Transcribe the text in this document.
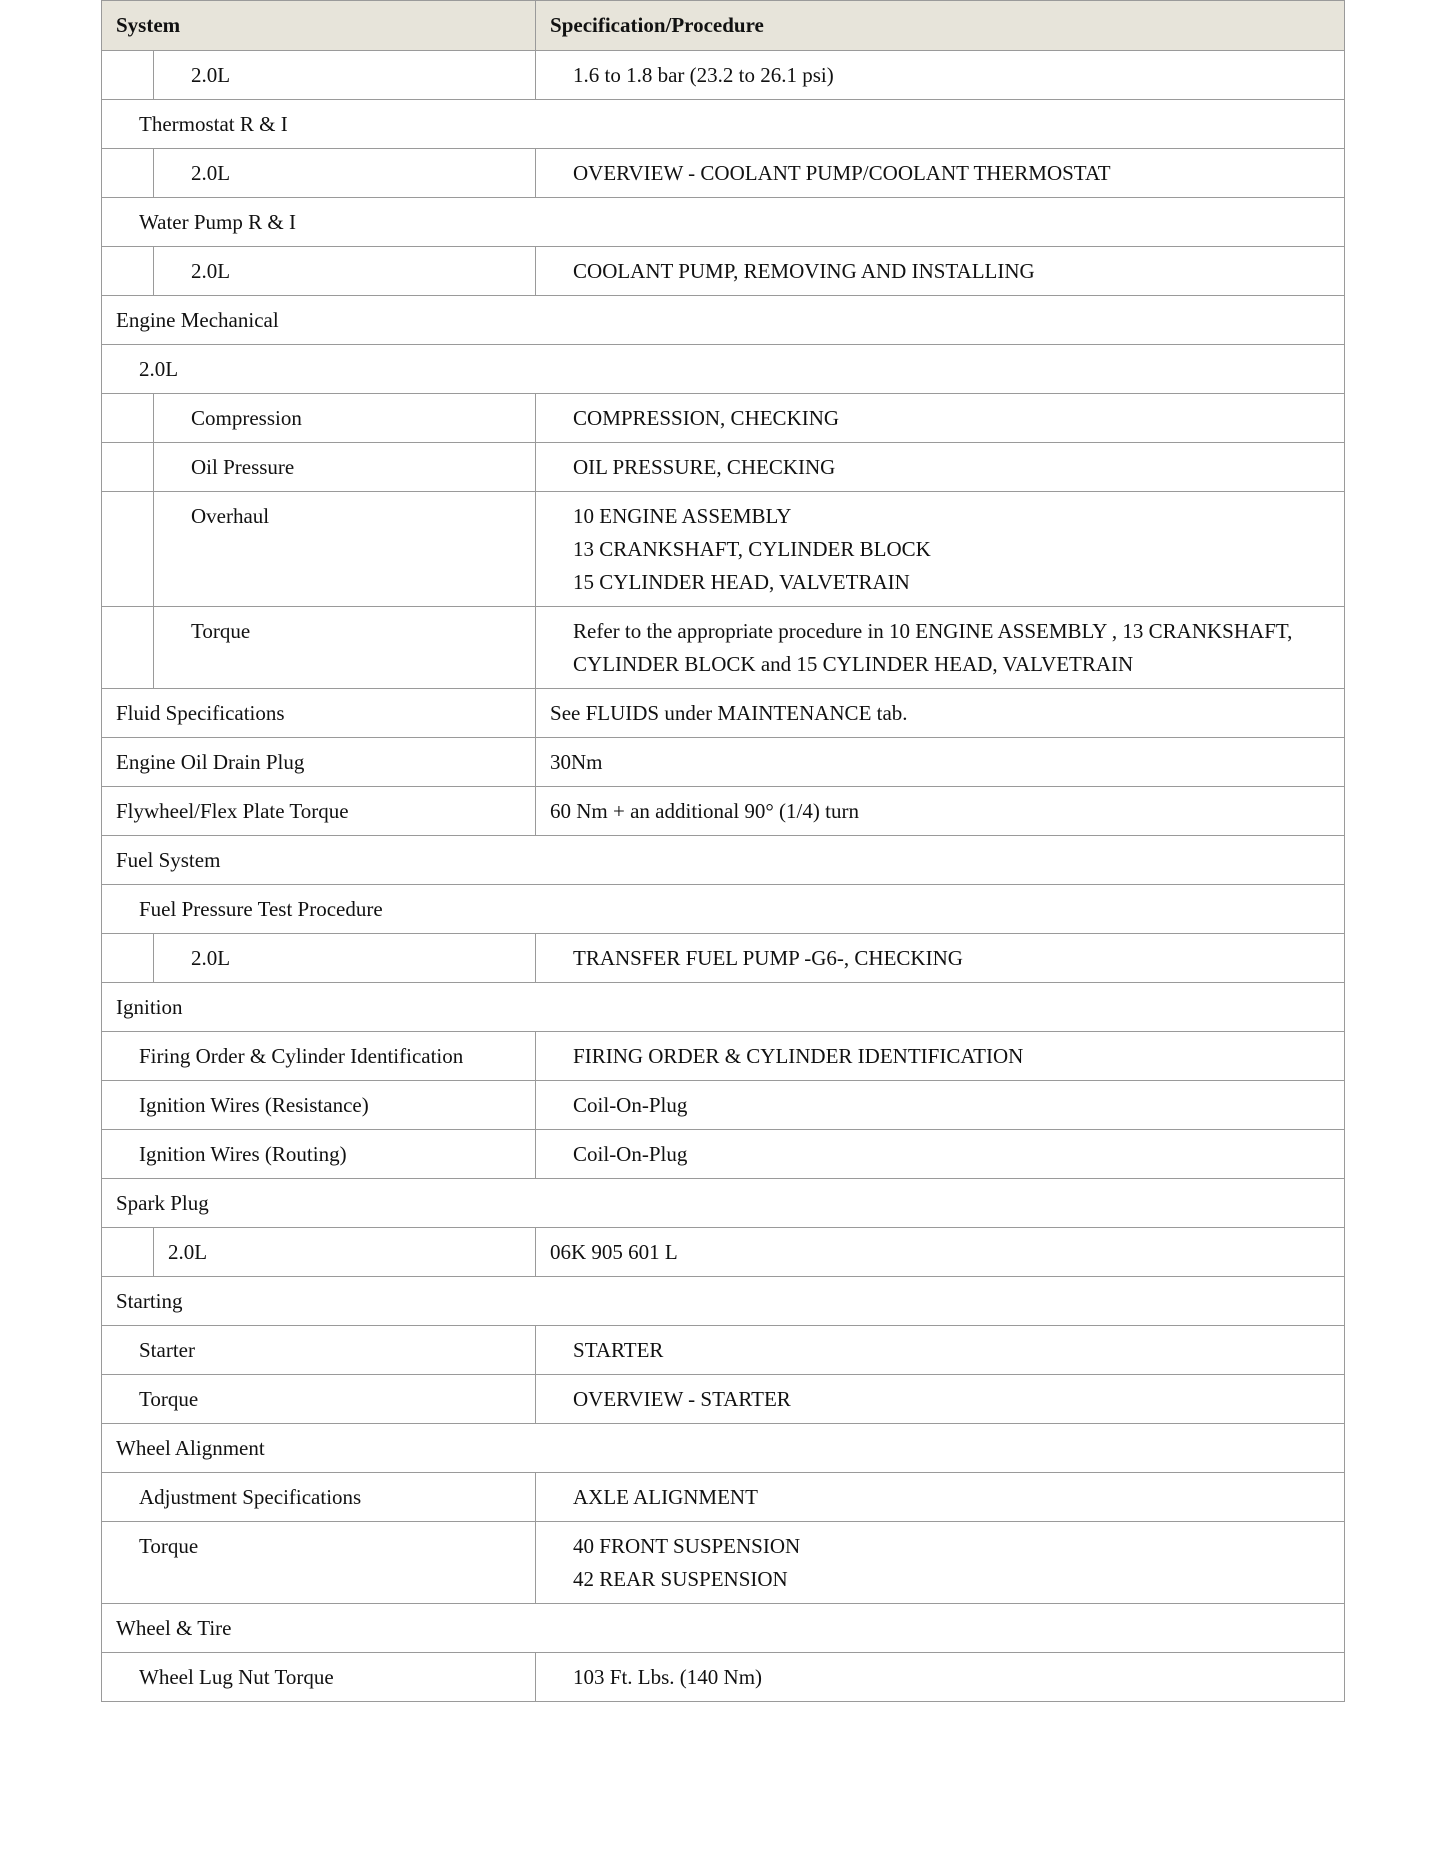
System		Specification/Procedure

	2.0L	1.6 to 1.8 bar (23.2 to 26.1 psi)

Thermostat R & I		

	2.0L	OVERVIEW - COOLANT PUMP/COOLANT THERMOSTAT

Water Pump R & I		

	2.0L	COOLANT PUMP, REMOVING AND INSTALLING

Engine Mechanical		

2.0L		

	Compression	COMPRESSION, CHECKING

	Oil Pressure	OIL PRESSURE, CHECKING

	Overhaul	10 ENGINE ASSEMBLY
13 CRANKSHAFT, CYLINDER BLOCK
15 CYLINDER HEAD, VALVETRAIN

	Torque	Refer to the appropriate procedure in 10 ENGINE ASSEMBLY , 13 CRANKSHAFT,
CYLINDER BLOCK and 15 CYLINDER HEAD, VALVETRAIN

Fluid Specifications		See FLUIDS under MAINTENANCE tab.

Engine Oil Drain Plug		30Nm

Flywheel/Flex Plate Torque		60 Nm + an additional 90° (1/4) turn

Fuel System		

Fuel Pressure Test Procedure		

	2.0L	TRANSFER FUEL PUMP -G6-, CHECKING

Ignition		

Firing Order & Cylinder Identification		FIRING ORDER & CYLINDER IDENTIFICATION

Ignition Wires (Resistance)		Coil-On-Plug

Ignition Wires (Routing)		Coil-On-Plug

Spark Plug		

	2.0L	06K 905 601 L

Starting		

Starter		STARTER

Torque		OVERVIEW - STARTER

Wheel Alignment		

Adjustment Specifications		AXLE ALIGNMENT

Torque		40 FRONT SUSPENSION
42 REAR SUSPENSION

Wheel & Tire		

Wheel Lug Nut Torque		103 Ft. Lbs. (140 Nm)
